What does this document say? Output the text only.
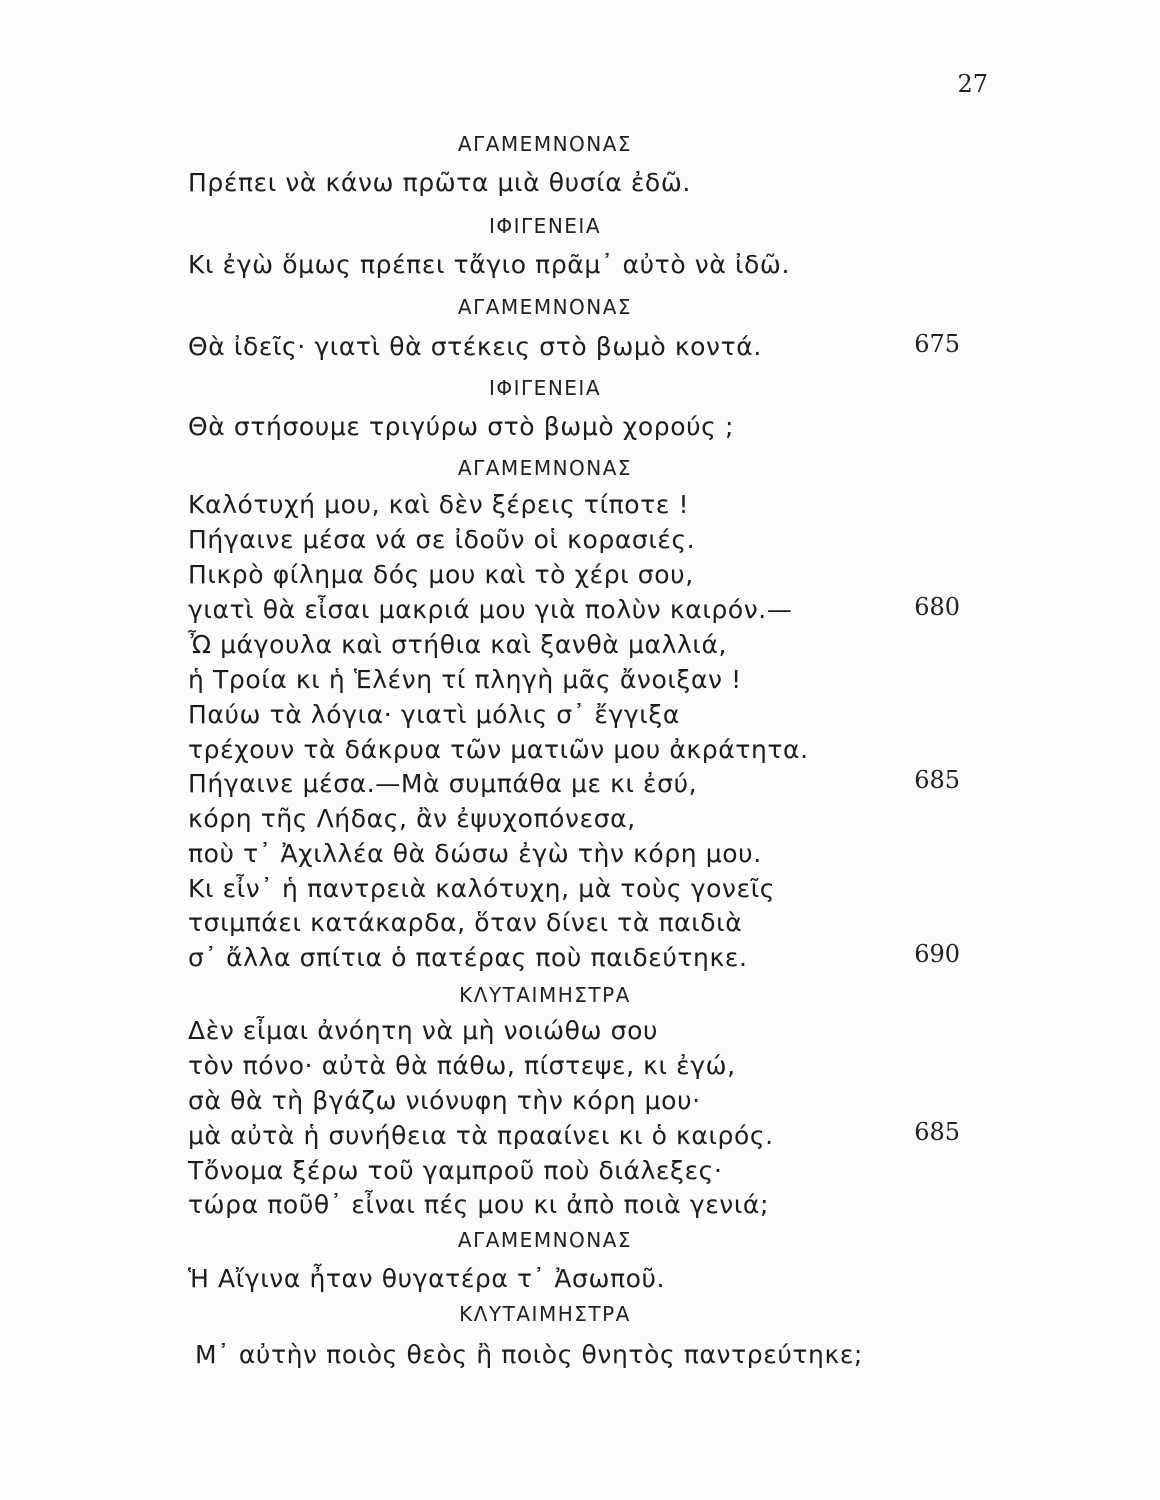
27
ΑΓΑΜΕΜΝΟΝΑΣ
Πρέπει νὰ κάνω πρῶτα μιὰ θυσία ἐδῶ.
ΙΦΙΓΕΝΕΙΑ
Κι ἐγὼ ὅμως πρέπει τἄγιο πρᾶμ᾿ αὐτὸ νὰ ἰδῶ.
ΑΓΑΜΕΜΝΟΝΑΣ
Θὰ ἰδεῖς· γιατὶ θὰ στέκεις στὸ βωμὸ κοντά.	675
ΙΦΙΓΕΝΕΙΑ
Θὰ στήσουμε τριγύρω στὸ βωμὸ χορούς ;
ΑΓΑΜΕΜΝΟΝΑΣ
Καλότυχή μου, καὶ δὲν ξέρεις τίποτε !
Πήγαινε μέσα νά σε ἰδοῦν οἱ κορασιές.
Πικρὸ φίλημα δός μου καὶ τὸ χέρι σου,
γιατὶ θὰ εἶσαι μακριά μου γιὰ πολὺν καιρόν.—	680
Ὦ μάγουλα καὶ στήθια καὶ ξανθὰ μαλλιά,
ἡ Τροία κι ἡ Ἑλένη τί πληγὴ μᾶς ἄνοιξαν !
Παύω τὰ λόγια· γιατὶ μόλις σ᾿ ἔγγιξα
τρέχουν τὰ δάκρυα τῶν ματιῶν μου ἀκράτητα.
Πήγαινε μέσα.—Μὰ συμπάθα με κι ἐσύ,	685
κόρη τῆς Λήδας, ἂν ἐψυχοπόνεσα,
ποὺ τ᾿ Ἀχιλλέα θὰ δώσω ἐγὼ τὴν κόρη μου.
Κι εἶν᾿ ἡ παντρειὰ καλότυχη, μὰ τοὺς γονεῖς
τσιμπάει κατάκαρδα, ὅταν δίνει τὰ παιδιὰ
σ᾿ ἄλλα σπίτια ὁ πατέρας ποὺ παιδεύτηκε.	690
ΚΛΥΤΑΙΜΗΣΤΡΑ
Δὲν εἶμαι ἀνόητη νὰ μὴ νοιώθω σου
τὸν πόνο· αὐτὰ θὰ πάθω, πίστεψε, κι ἐγώ,
σὰ θὰ τὴ βγάζω νιόνυφη τὴν κόρη μου·
μὰ αὐτὰ ἡ συνήθεια τὰ πρααίνει κι ὁ καιρός.	685
Τὄνομα ξέρω τοῦ γαμπροῦ ποὺ διάλεξες·
τώρα ποῦθ᾿ εἶναι πές μου κι ἀπὸ ποιὰ γενιά;
ΑΓΑΜΕΜΝΟΝΑΣ
Ἡ Αἴγινα ἦταν θυγατέρα τ᾿ Ἀσωποῦ.
ΚΛΥΤΑΙΜΗΣΤΡΑ
Μ᾿ αὐτὴν ποιὸς θεὸς ἢ ποιὸς θνητὸς παντρεύτηκε;
